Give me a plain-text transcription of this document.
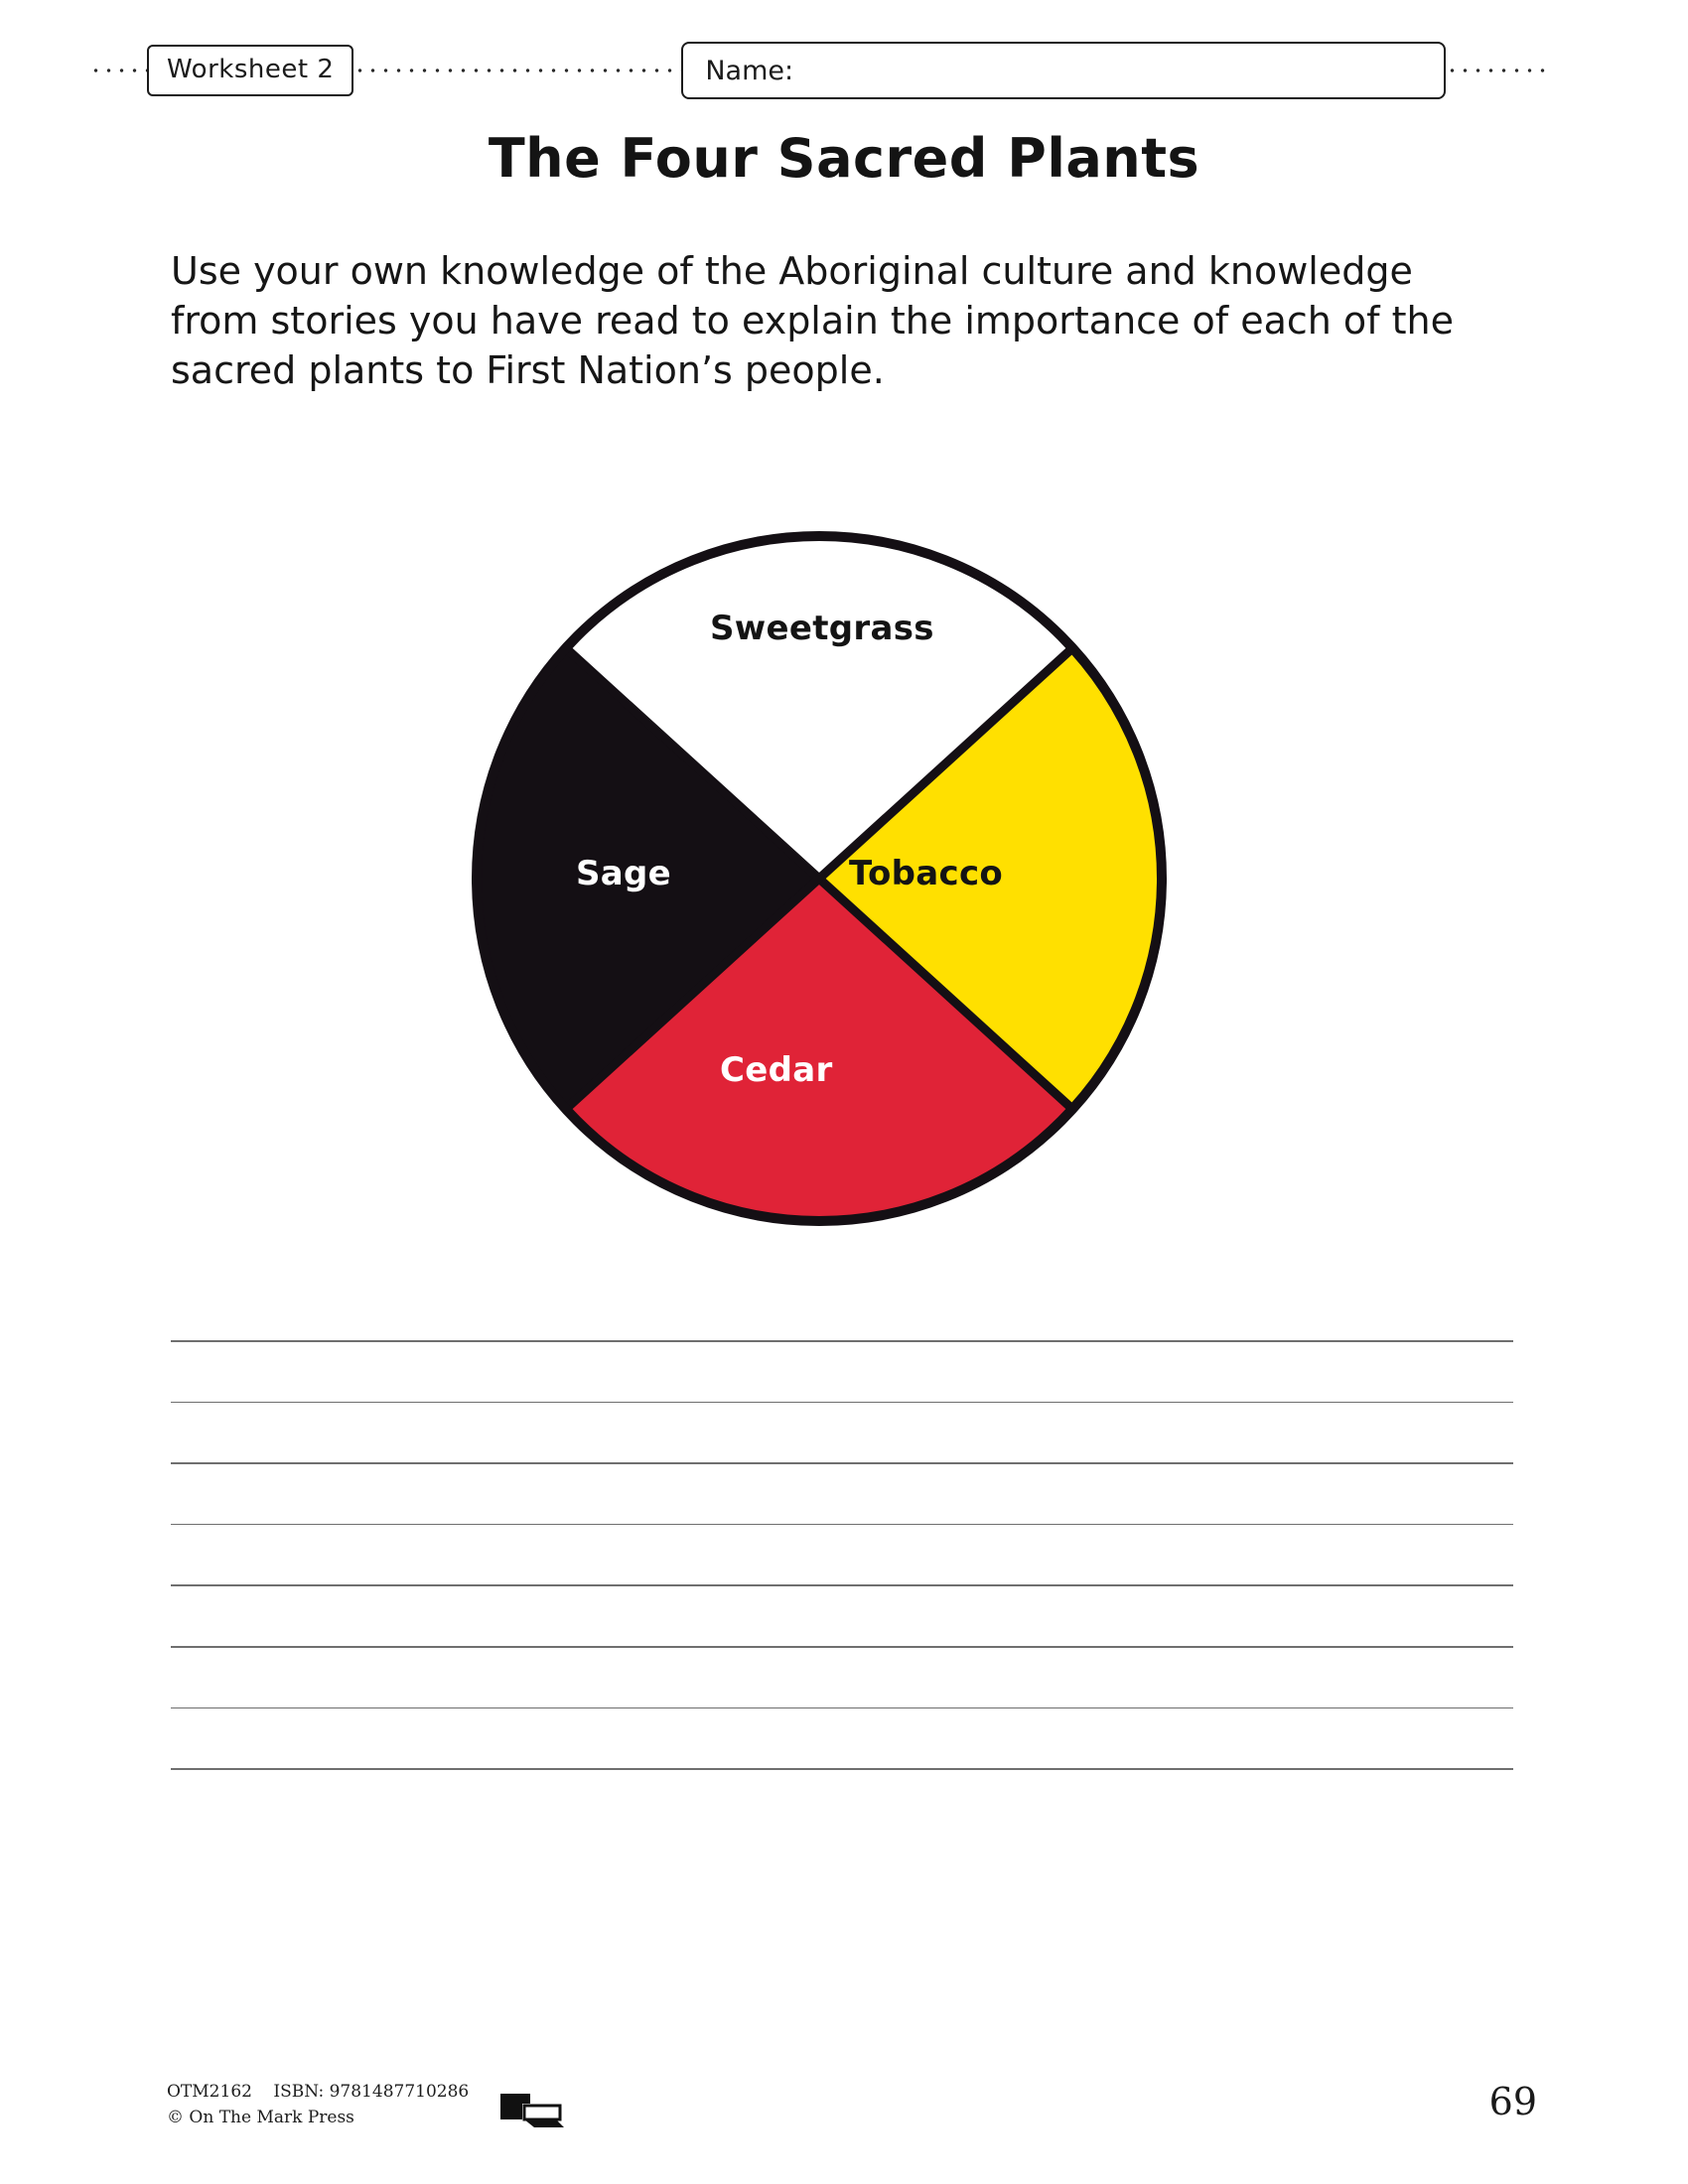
Worksheet 2	Name:
The Four Sacred Plants
Use your own knowledge of the Aboriginal culture and knowledge from stories you have read to explain the importance of each of the sacred plants to First Nation’s people.
Sweetgrass
Tobacco
Cedar
Sage
OTM2162 ISBN: 9781487710286
© On The Mark Press	69
